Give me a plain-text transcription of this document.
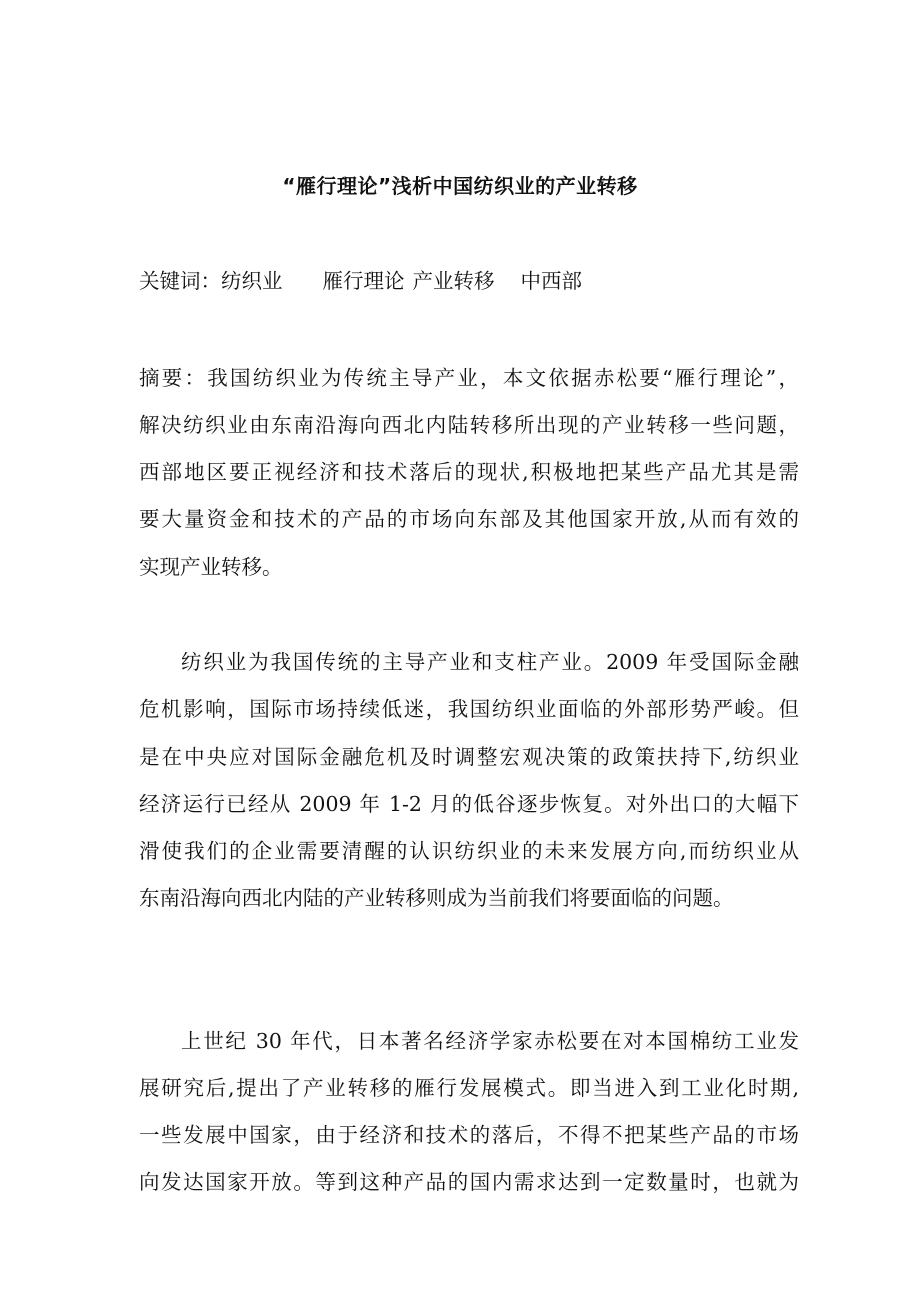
“雁行理论”浅析中国纺织业的产业转移
关键词：纺织业 雁行理论 产业转移 中西部
摘要：我国纺织业为传统主导产业，本文依据赤松要“雁行理论”，
解决纺织业由东南沿海向西北内陆转移所出现的产业转移一些问题，
西部地区要正视经济和技术落后的现状,积极地把某些产品尤其是需
要大量资金和技术的产品的市场向东部及其他国家开放,从而有效的
实现产业转移。
纺织业为我国传统的主导产业和支柱产业。2009 年受国际金融
危机影响，国际市场持续低迷，我国纺织业面临的外部形势严峻。但
是在中央应对国际金融危机及时调整宏观决策的政策扶持下,纺织业
经济运行已经从 2009 年 1-2 月的低谷逐步恢复。对外出口的大幅下
滑使我们的企业需要清醒的认识纺织业的未来发展方向,而纺织业从
东南沿海向西北内陆的产业转移则成为当前我们将要面临的问题。
上世纪 30 年代，日本著名经济学家赤松要在对本国棉纺工业发
展研究后,提出了产业转移的雁行发展模式。即当进入到工业化时期,
一些发展中国家，由于经济和技术的落后，不得不把某些产品的市场
向发达国家开放。等到这种产品的国内需求达到一定数量时，也就为
